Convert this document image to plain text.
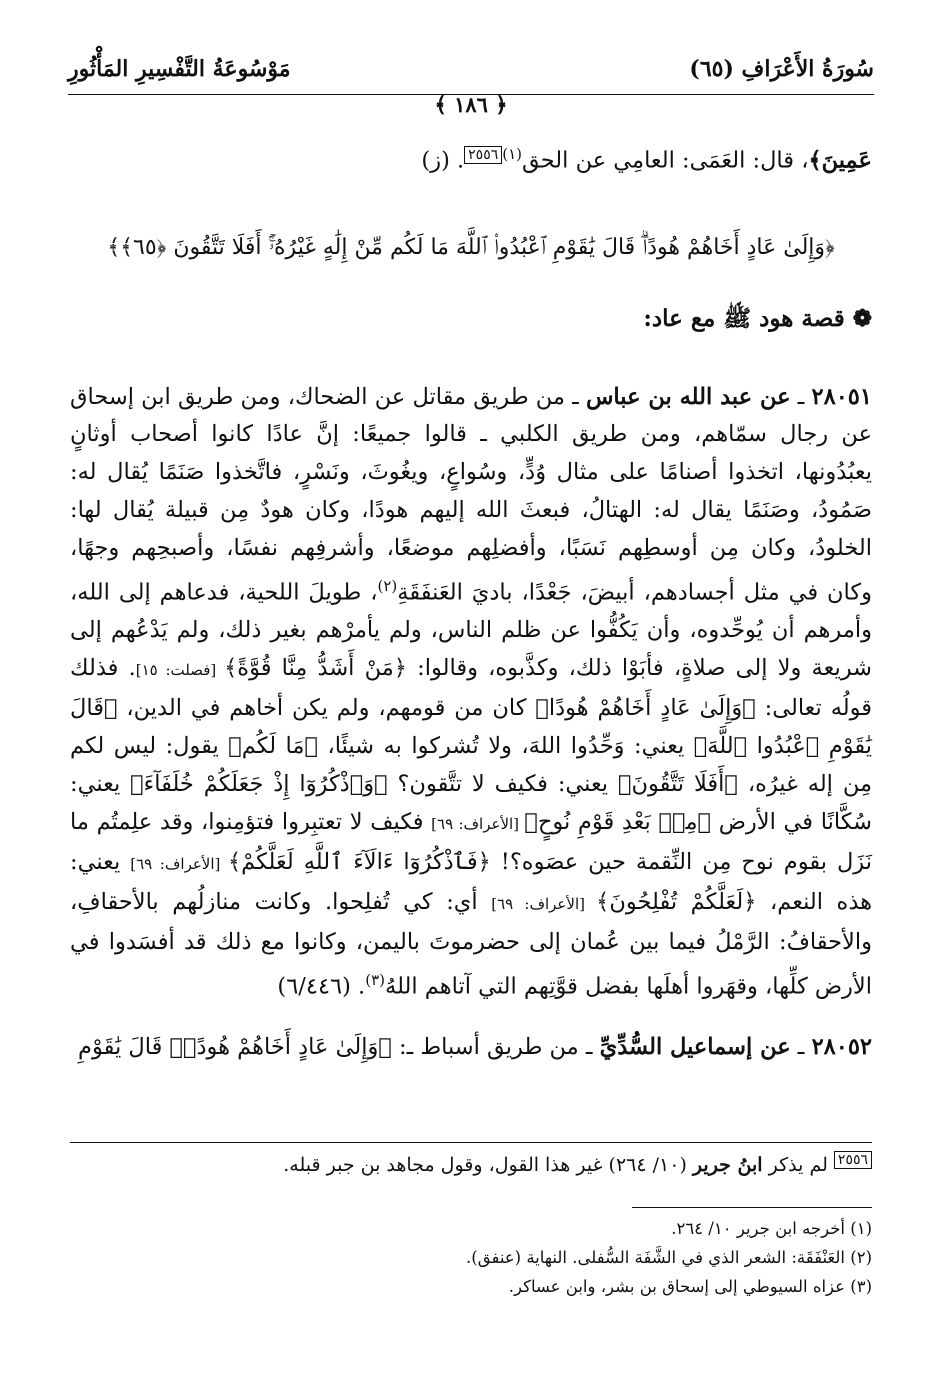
سُورَةُ الأَعْرَافِ (٦٥)
مَوْسُوعَةُ التَّفْسِيرِ المَأْثُورِ
﴿ ١٨٦ ﴾

عَمِينَ﴾، قال: العَمَى: العامِي عن الحق$^{(١)}$٢٥٥٦. (ز)

﴿وَإِلَىٰ عَادٍ أَخَاهُمْ هُودًاۗ قَالَ يَٰقَوْمِ ٱعْبُدُوا۟ ٱللَّهَ مَا لَكُم مِّنْ إِلَٰهٍ غَيْرُهُۥٓۚ أَفَلَا تَتَّقُونَ ﴿٦٥﴾﴾
❁ قصة هود ﷺ مع عاد:

٢٨٠٥١ ـ عن عبد الله بن عباس ـ من طريق مقاتل عن الضحاك، ومن طريق ابن إسحاق عن رجال سمّاهم، ومن طريق الكلبي ـ قالوا جميعًا: إنَّ عادًا كانوا أصحاب أوثانٍ يعبُدُونها، اتخذوا أصنامًا على مثال وُدٍّ، وسُواعٍ، ويغُوثَ، ونَسْرٍ، فاتَّخذوا صَنَمًا يُقال له: صَمُودُ، وصَنَمًا يقال له: الهتالُ، فبعثَ الله إليهم هودًا، وكان هودٌ مِن قبيلة يُقال لها: الخلودُ، وكان مِن أوسطِهم نَسَبًا، وأفضلِهم موضعًا، وأشرفِهم نفسًا، وأصبحِهم وجهًا، وكان في مثل أجسادهم، أبيضَ، جَعْدًا، باديَ العَنفَقَةِ$^{(٢)}$، طويلَ اللحية، فدعاهم إلى الله، وأمرهم أن يُوحِّدوه، وأن يَكُفُّوا عن ظلم الناس، ولم يأمرْهم بغير ذلك، ولم يَدْعُهم إلى شريعة ولا إلى صلاةٍ، فأبَوْا ذلك، وكذَّبوه، وقالوا: ﴿مَنْ أَشَدُّ مِنَّا قُوَّةً﴾ [فصلت: ١٥]. فذلك قولُه تعالى: ﴿وَإِلَىٰ عَادٍ أَخَاهُمْ هُودًا﴾ كان من قومهم، ولم يكن أخاهم في الدين، ﴿قَالَ يَٰقَوْمِ ٱعْبُدُوا ٱللَّهَ﴾ يعني: وَحِّدُوا اللهَ، ولا تُشركوا به شيئًا، ﴿مَا لَكُم﴾ يقول: ليس لكم مِن إله غيرُه، ﴿أَفَلَا تَتَّقُونَ﴾ يعني: فكيف لا تتَّقون؟ ﴿وَٱذْكُرُوٓا إِذْ جَعَلَكُمْ خُلَفَآءَ﴾ يعني: سُكَّانًا في الأرض ﴿مِنۢ بَعْدِ قَوْمِ نُوحٍ﴾ [الأعراف: ٦٩] فكيف لا تعتبِروا فتؤمِنوا، وقد علِمتُم ما نَزَل بقوم نوح مِن النِّقمة حين عصَوه؟! ﴿فَٱذْكُرُوٓا ءَالَآءَ ٱللَّهِ لَعَلَّكُمْ﴾ [الأعراف: ٦٩] يعني: هذه النعم، ﴿لَعَلَّكُمْ تُفْلِحُونَ﴾ [الأعراف: ٦٩] أي: كي تُفلِحوا. وكانت منازلُهم بالأحقافِ، والأحقافُ: الرَّمْلُ فيما بين عُمان إلى حضرموتَ باليمن، وكانوا مع ذلك قد أفسَدوا في الأرض كلِّها، وقهَروا أهلَها بفضل قوَّتِهم التي آتاهم اللهُ$^{(٣)}$. (٦/٤٤٦)

٢٨٠٥٢ ـ عن إسماعيل السُّدِّيِّ ـ من طريق أسباط ـ: ﴿وَإِلَىٰ عَادٍ أَخَاهُمْ هُودًاۗ قَالَ يَٰقَوْمِ

٢٥٥٦ لم يذكر ابنُ جرير (١٠/ ٢٦٤) غير هذا القول، وقول مجاهد بن جبر قبله.
(١) أخرجه ابن جرير ١٠/ ٢٦٤.
(٢) العَنْفَقَة: الشعر الذي في الشَّفَة السُّفلى. النهاية (عنفق).
(٣) عزاه السيوطي إلى إسحاق بن بشر، وابن عساكر.
